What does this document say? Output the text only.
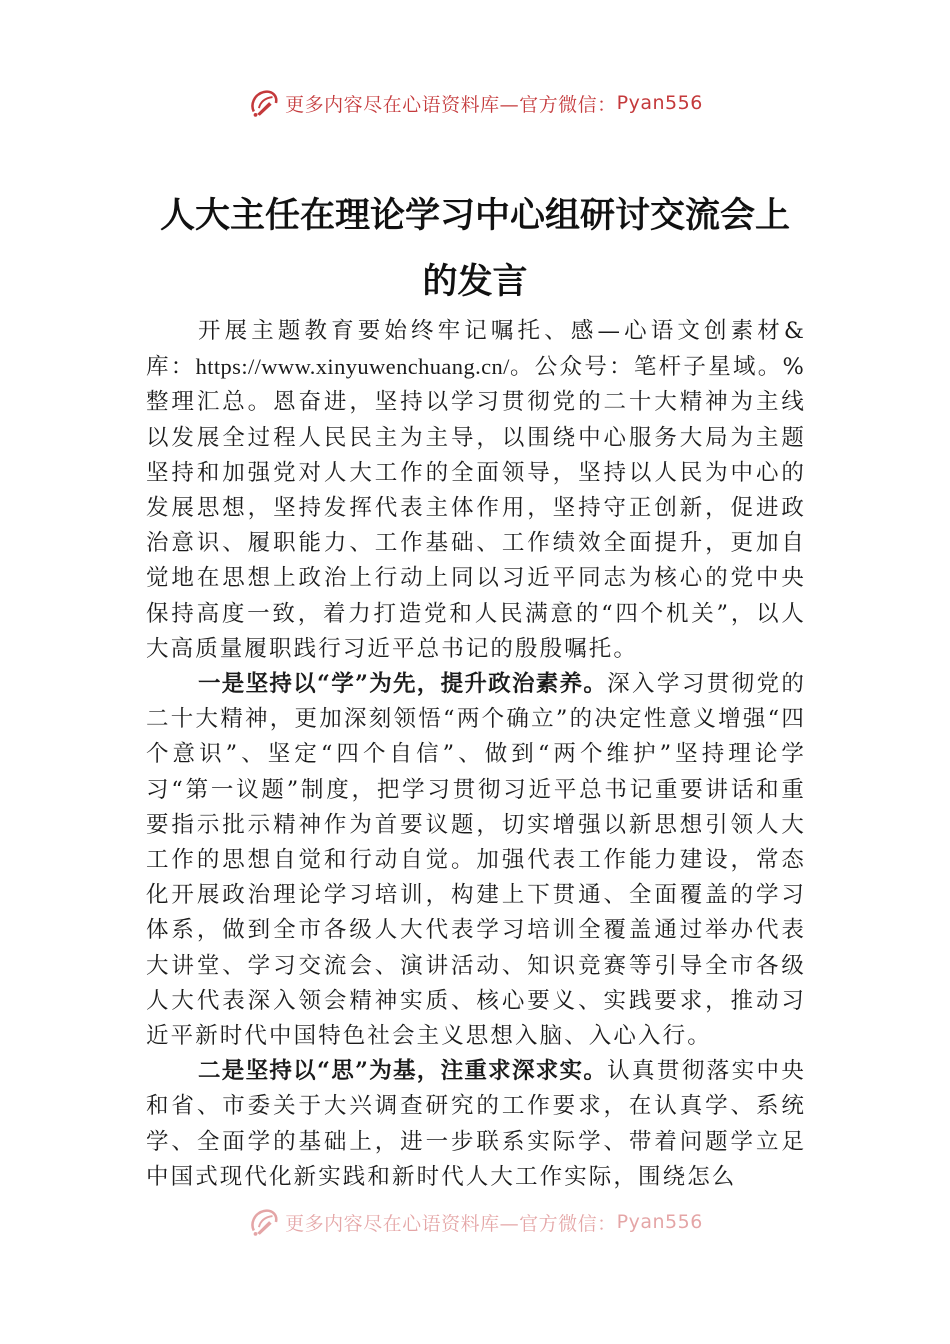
更多内容尽在心语资料库—官方微信： Pyan556
人大主任在理论学习中心组研讨交流会上
的发言

开展主题教育要始终牢记嘱托、感—心语文创素材&库：https://www.xinyuwenchuang.cn/。公众号：笔杆子星域。%整理汇总。恩奋进，坚持以学习贯彻党的二十大精神为主线以发展全过程人民民主为主导，以围绕中心服务大局为主题坚持和加强党对人大工作的全面领导，坚持以人民为中心的发展思想，坚持发挥代表主体作用，坚持守正创新，促进政治意识、履职能力、工作基础、工作绩效全面提升，更加自觉地在思想上政治上行动上同以习近平同志为核心的党中央保持高度一致，着力打造党和人民满意的“四个机关”，以人大高质量履职践行习近平总书记的殷殷嘱托。

一是坚持以“学”为先，提升政治素养。深入学习贯彻党的二十大精神，更加深刻领悟“两个确立”的决定性意义增强“四个意识”、坚定“四个自信”、做到“两个维护”坚持理论学习“第一议题”制度，把学习贯彻习近平总书记重要讲话和重要指示批示精神作为首要议题，切实增强以新思想引领人大工作的思想自觉和行动自觉。加强代表工作能力建设，常态化开展政治理论学习培训，构建上下贯通、全面覆盖的学习体系，做到全市各级人大代表学习培训全覆盖通过举办代表大讲堂、学习交流会、演讲活动、知识竞赛等引导全市各级人大代表深入领会精神实质、核心要义、实践要求，推动习近平新时代中国特色社会主义思想入脑、入心入行。

二是坚持以“思”为基，注重求深求实。认真贯彻落实中央和省、市委关于大兴调查研究的工作要求，在认真学、系统学、全面学的基础上，进一步联系实际学、带着问题学立足中国式现代化新实践和新时代人大工作实际，围绕怎么

更多内容尽在心语资料库—官方微信： Pyan556
